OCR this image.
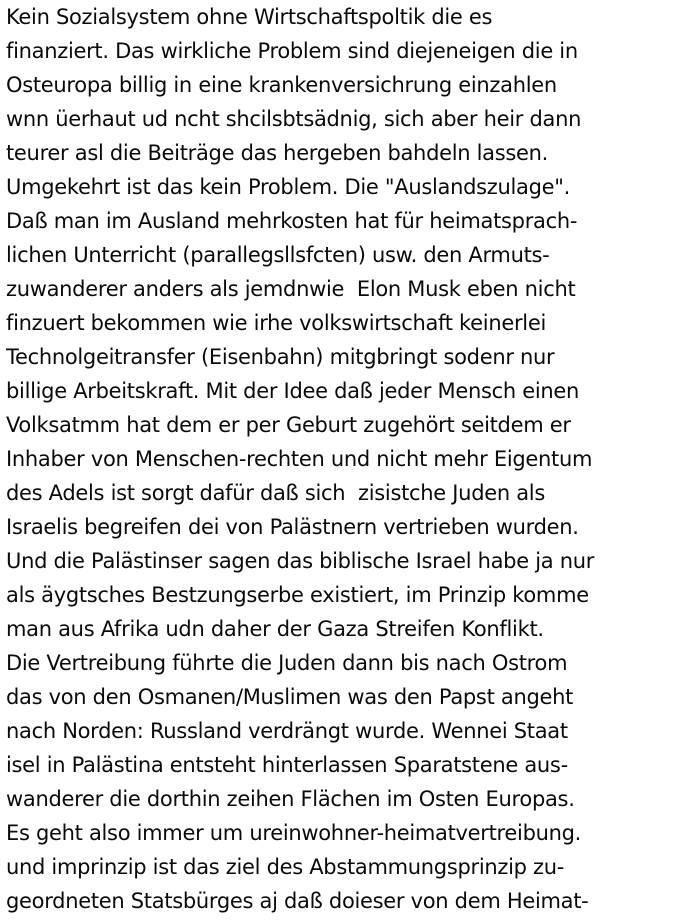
Kein Sozialsystem ohne Wirtschaftspoltik die es
finanziert. Das wirkliche Problem sind diejeneigen die in
Osteuropa billig in eine krankenversichrung einzahlen
wnn üerhaut ud ncht shcilsbtsädnig, sich aber heir dann
teurer asl die Beiträge das hergeben bahdeln lassen.
Umgekehrt ist das kein Problem. Die "Auslandszulage".
Daß man im Ausland mehrkosten hat für heimatsprach-
lichen Unterricht (parallegsllsfcten) usw. den Armuts-
zuwanderer anders als jemdnwie  Elon Musk eben nicht
finzuert bekommen wie irhe volkswirtschaft keinerlei
Technolgeitransfer (Eisenbahn) mitgbringt sodenr nur
billige Arbeitskraft. Mit der Idee daß jeder Mensch einen
Volksatmm hat dem er per Geburt zugehört seitdem er
Inhaber von Menschen-rechten und nicht mehr Eigentum
des Adels ist sorgt dafür daß sich  zisistche Juden als
Israelis begreifen dei von Palästnern vertrieben wurden.
Und die Palästinser sagen das biblische Israel habe ja nur
als äygtsches Bestzungserbe existiert, im Prinzip komme
man aus Afrika udn daher der Gaza Streifen Konflikt.
Die Vertreibung führte die Juden dann bis nach Ostrom
das von den Osmanen/Muslimen was den Papst angeht
nach Norden: Russland verdrängt wurde. Wennei Staat
isel in Palästina entsteht hinterlassen Sparatstene aus-
wanderer die dorthin zeihen Flächen im Osten Europas.
Es geht also immer um ureinwohner-heimatvertreibung.
und imprinzip ist das ziel des Abstammungsprinzip zu-
geordneten Statsbürges aj daß doieser von dem Heimat-
